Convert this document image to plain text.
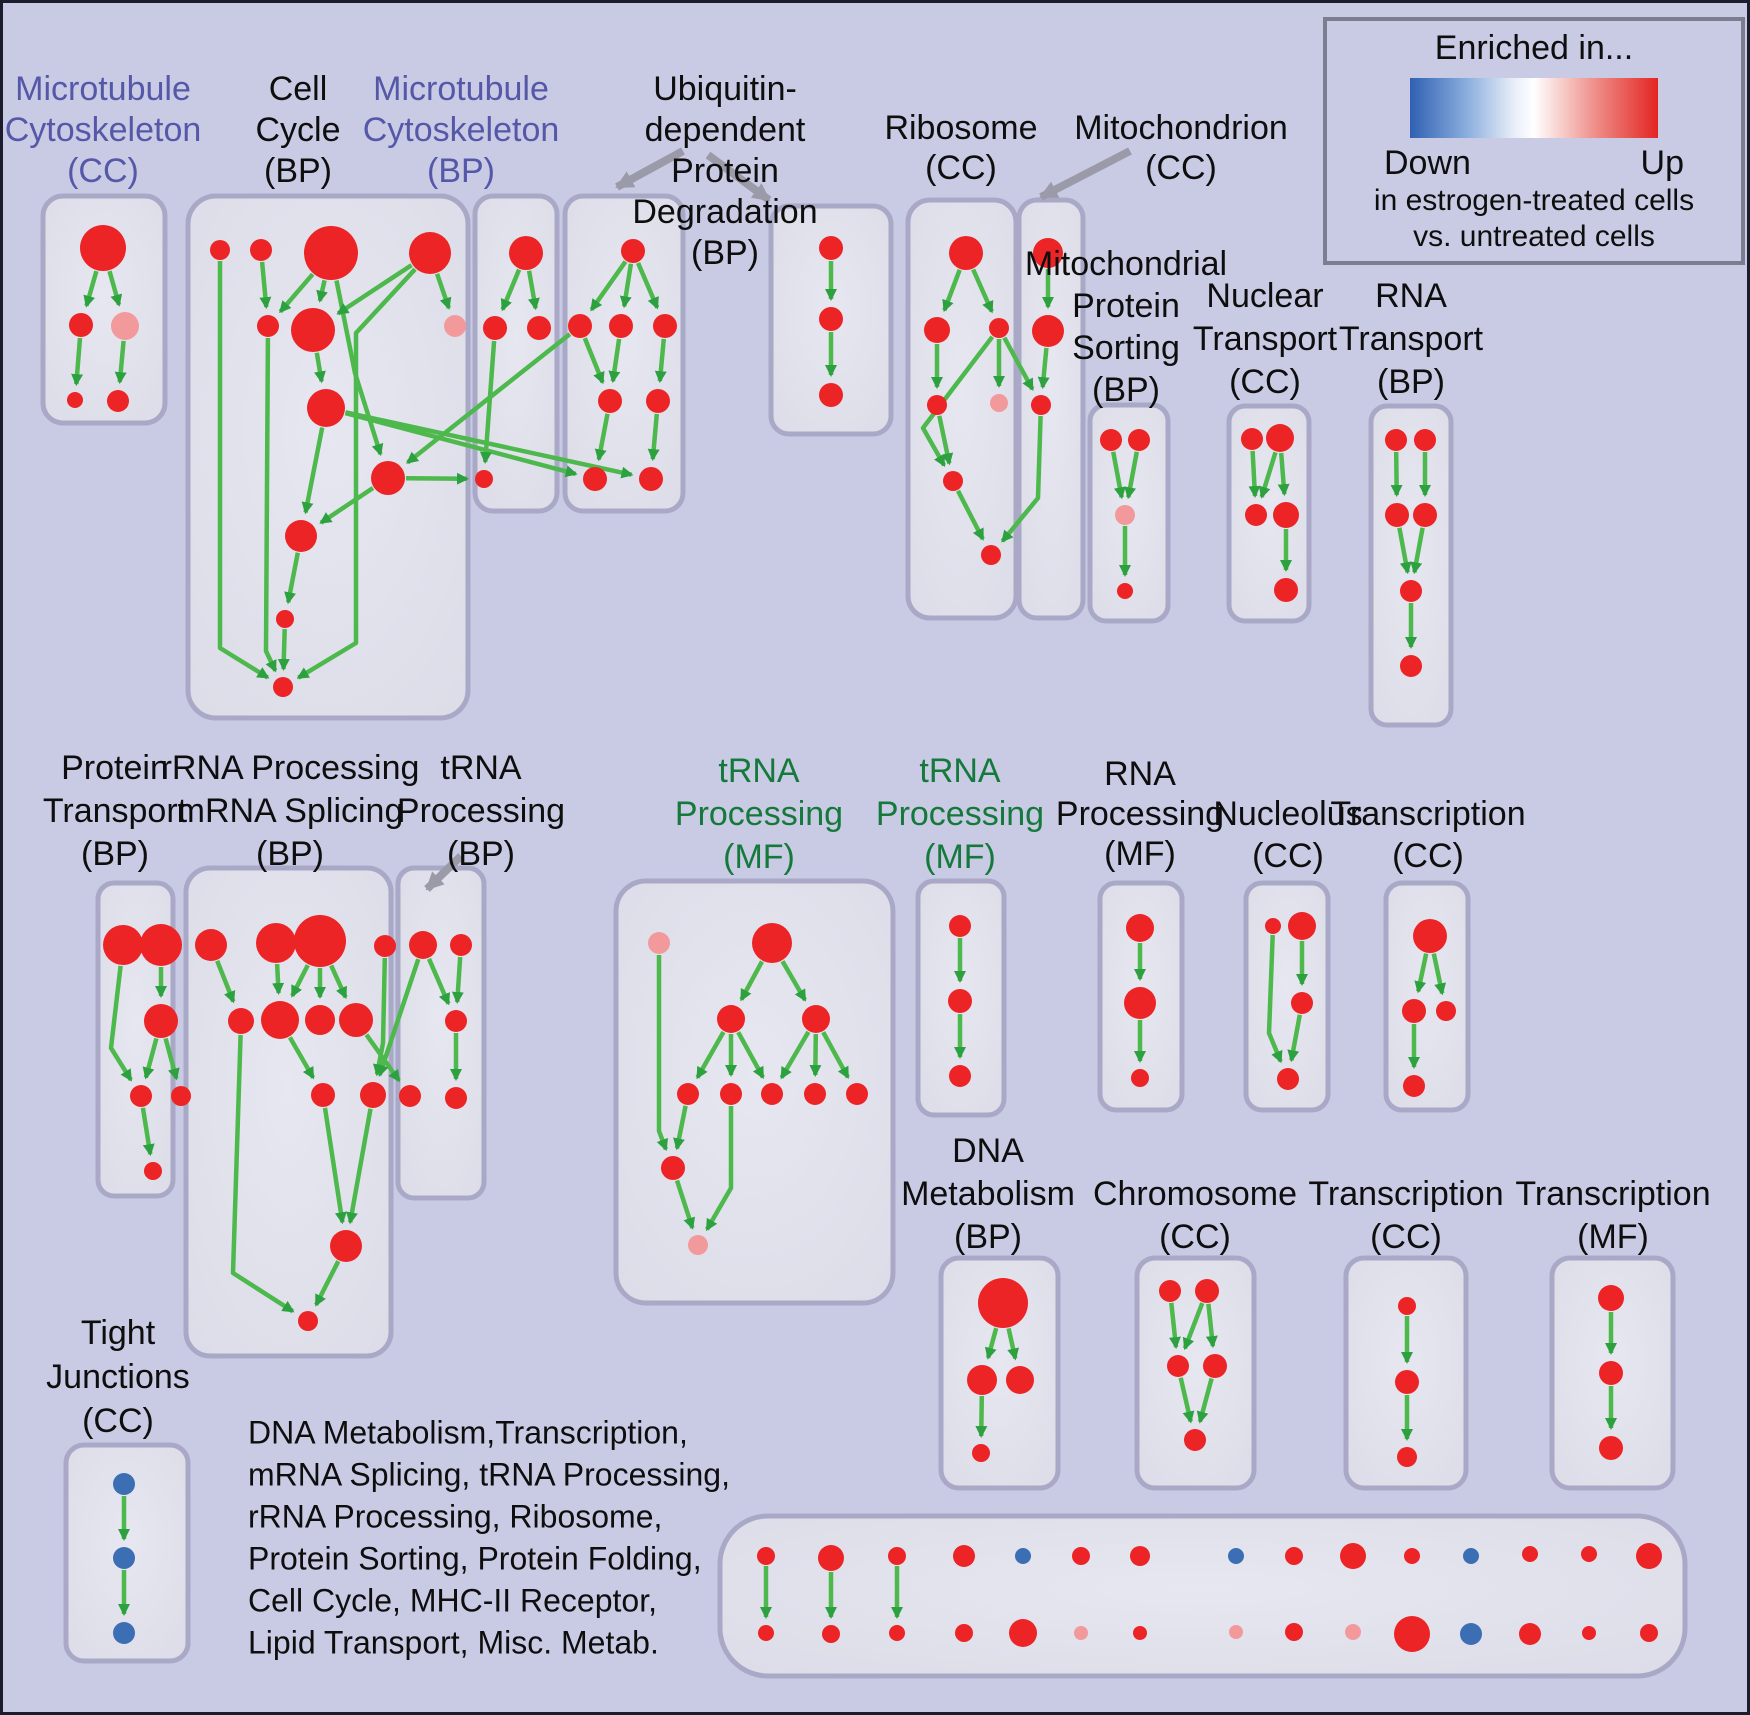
Microtubule
Cytoskeleton
(CC)
Cell
Cycle
(BP)
Microtubule
Cytoskeleton
(BP)
Ubiquitin-
dependent
Protein
Degradation
(BP)
Ribosome
(CC)
Mitochondrion
(CC)
Mitochondrial
Protein
Sorting
(BP)
Nuclear
Transport
(CC)
RNA
Transport
(BP)
Protein
Transport
(BP)
rRNA Processing
mRNA Splicing
(BP)
tRNA
Processing
(BP)
tRNA
Processing
(MF)
tRNA
Processing
(MF)
RNA
Processing
(MF)
Nucleolus
(CC)
Transcription
(CC)
DNA
Metabolism
(BP)
Chromosome
(CC)
Transcription
(CC)
Transcription
(MF)
Tight
Junctions
(CC)	DNA Metabolism,Transcription,
mRNA Splicing, tRNA Processing,
rRNA Processing, Ribosome,
Protein Sorting, Protein Folding,
Cell Cycle, MHC-II Receptor,
Lipid Transport, Misc. Metab.
Enriched in...
Down	Up
in estrogen-treated cells
vs. untreated cells
